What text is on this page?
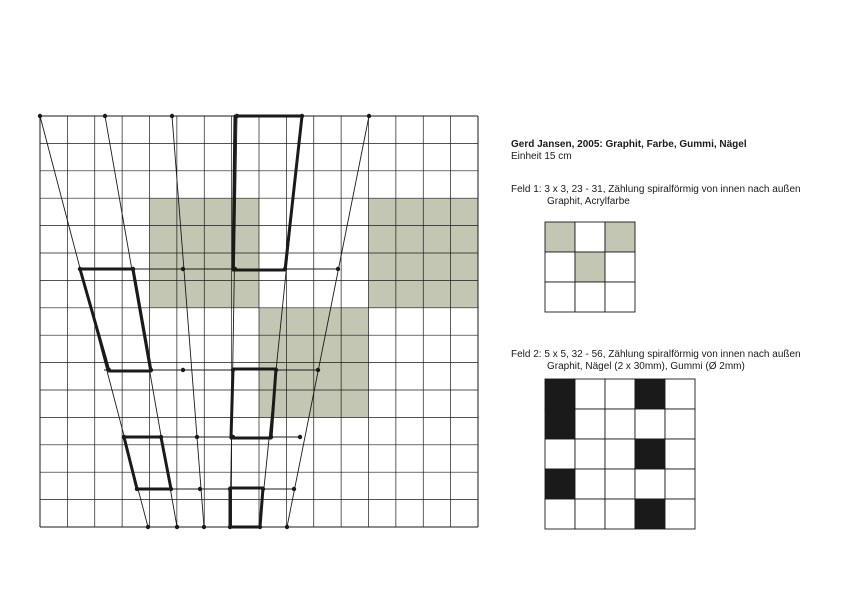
Gerd Jansen, 2005: Graphit, Farbe, Gummi, Nägel
Einheit 15 cm
Feld 1: 3 x 3, 23 - 31, Zählung spiralförmig von innen nach außen
Graphit, Acrylfarbe
Feld 2: 5 x 5, 32 - 56, Zählung spiralförmig von innen nach außen
Graphit, Nägel (2 x 30mm), Gummi (Ø 2mm)
